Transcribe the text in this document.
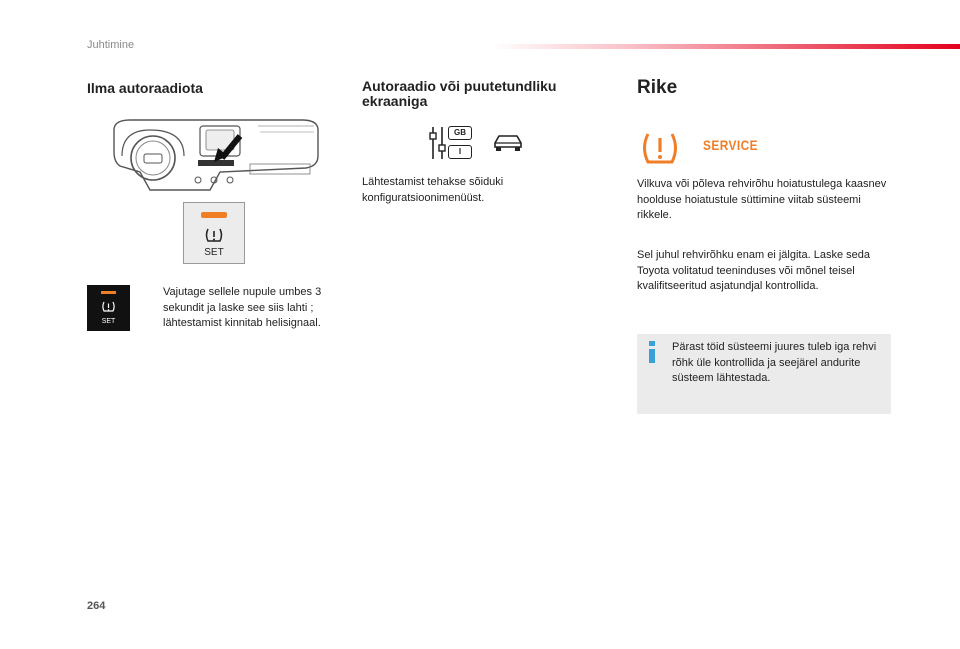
Juhtimine
Ilma autoraadiota
SET
SET
Vajutage sellele nupule umbes 3 sekundit ja laske see siis lahti ; lähtestamist kinnitab helisignaal.
Autoraadio või puutetundliku ekraaniga
GB
I
Lähtestamist tehakse sõiduki konfiguratsioonimenüüst.
Rike
SERVICE
Vilkuva või põleva rehvirõhu hoiatustulega kaasnev hoolduse hoiatustule süttimine viitab süsteemi rikkele.
Sel juhul rehvirõhku enam ei jälgita. Laske seda Toyota volitatud teeninduses või mõnel teisel kvalifitseeritud asjatundjal kontrollida.
Pärast töid süsteemi juures tuleb iga rehvi rõhk üle kontrollida ja seejärel andurite süsteem lähtestada.
264
